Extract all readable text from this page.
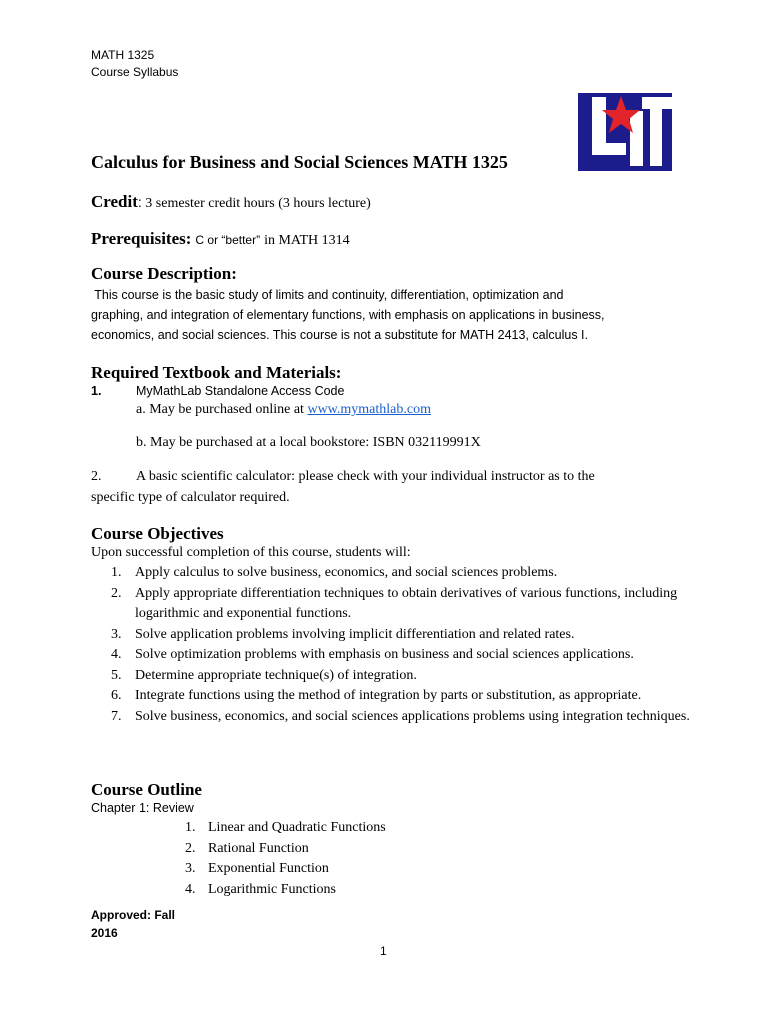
MATH 1325
Course Syllabus
Calculus for Business and Social Sciences MATH 1325
Credit: 3 semester credit hours (3 hours lecture)
Prerequisites: C or “better” in MATH 1314
Course Description:
This course is the basic study of limits and continuity, differentiation, optimization and
graphing, and integration of elementary functions, with emphasis on applications in business,
economics, and social sciences. This course is not a substitute for MATH 2413, calculus I.
Required Textbook and Materials:
1.	MyMathLab Standalone Access Code
a. May be purchased online at www.mymathlab.com
b. May be purchased at a local bookstore: ISBN 032119991X
2. A basic scientific calculator: please check with your individual instructor as to the
specific type of calculator required.
Course Objectives
Upon successful completion of this course, students will:
1. Apply calculus to solve business, economics, and social sciences problems.
2. Apply appropriate differentiation techniques to obtain derivatives of various functions, including logarithmic and exponential functions.
3. Solve application problems involving implicit differentiation and related rates.
4. Solve optimization problems with emphasis on business and social sciences applications.
5. Determine appropriate technique(s) of integration.
6. Integrate functions using the method of integration by parts or substitution, as appropriate.
7. Solve business, economics, and social sciences applications problems using integration techniques.
Course Outline
Chapter 1: Review
1. Linear and Quadratic Functions
2. Rational Function
3. Exponential Function
4. Logarithmic Functions
Approved: Fall
2016
1
